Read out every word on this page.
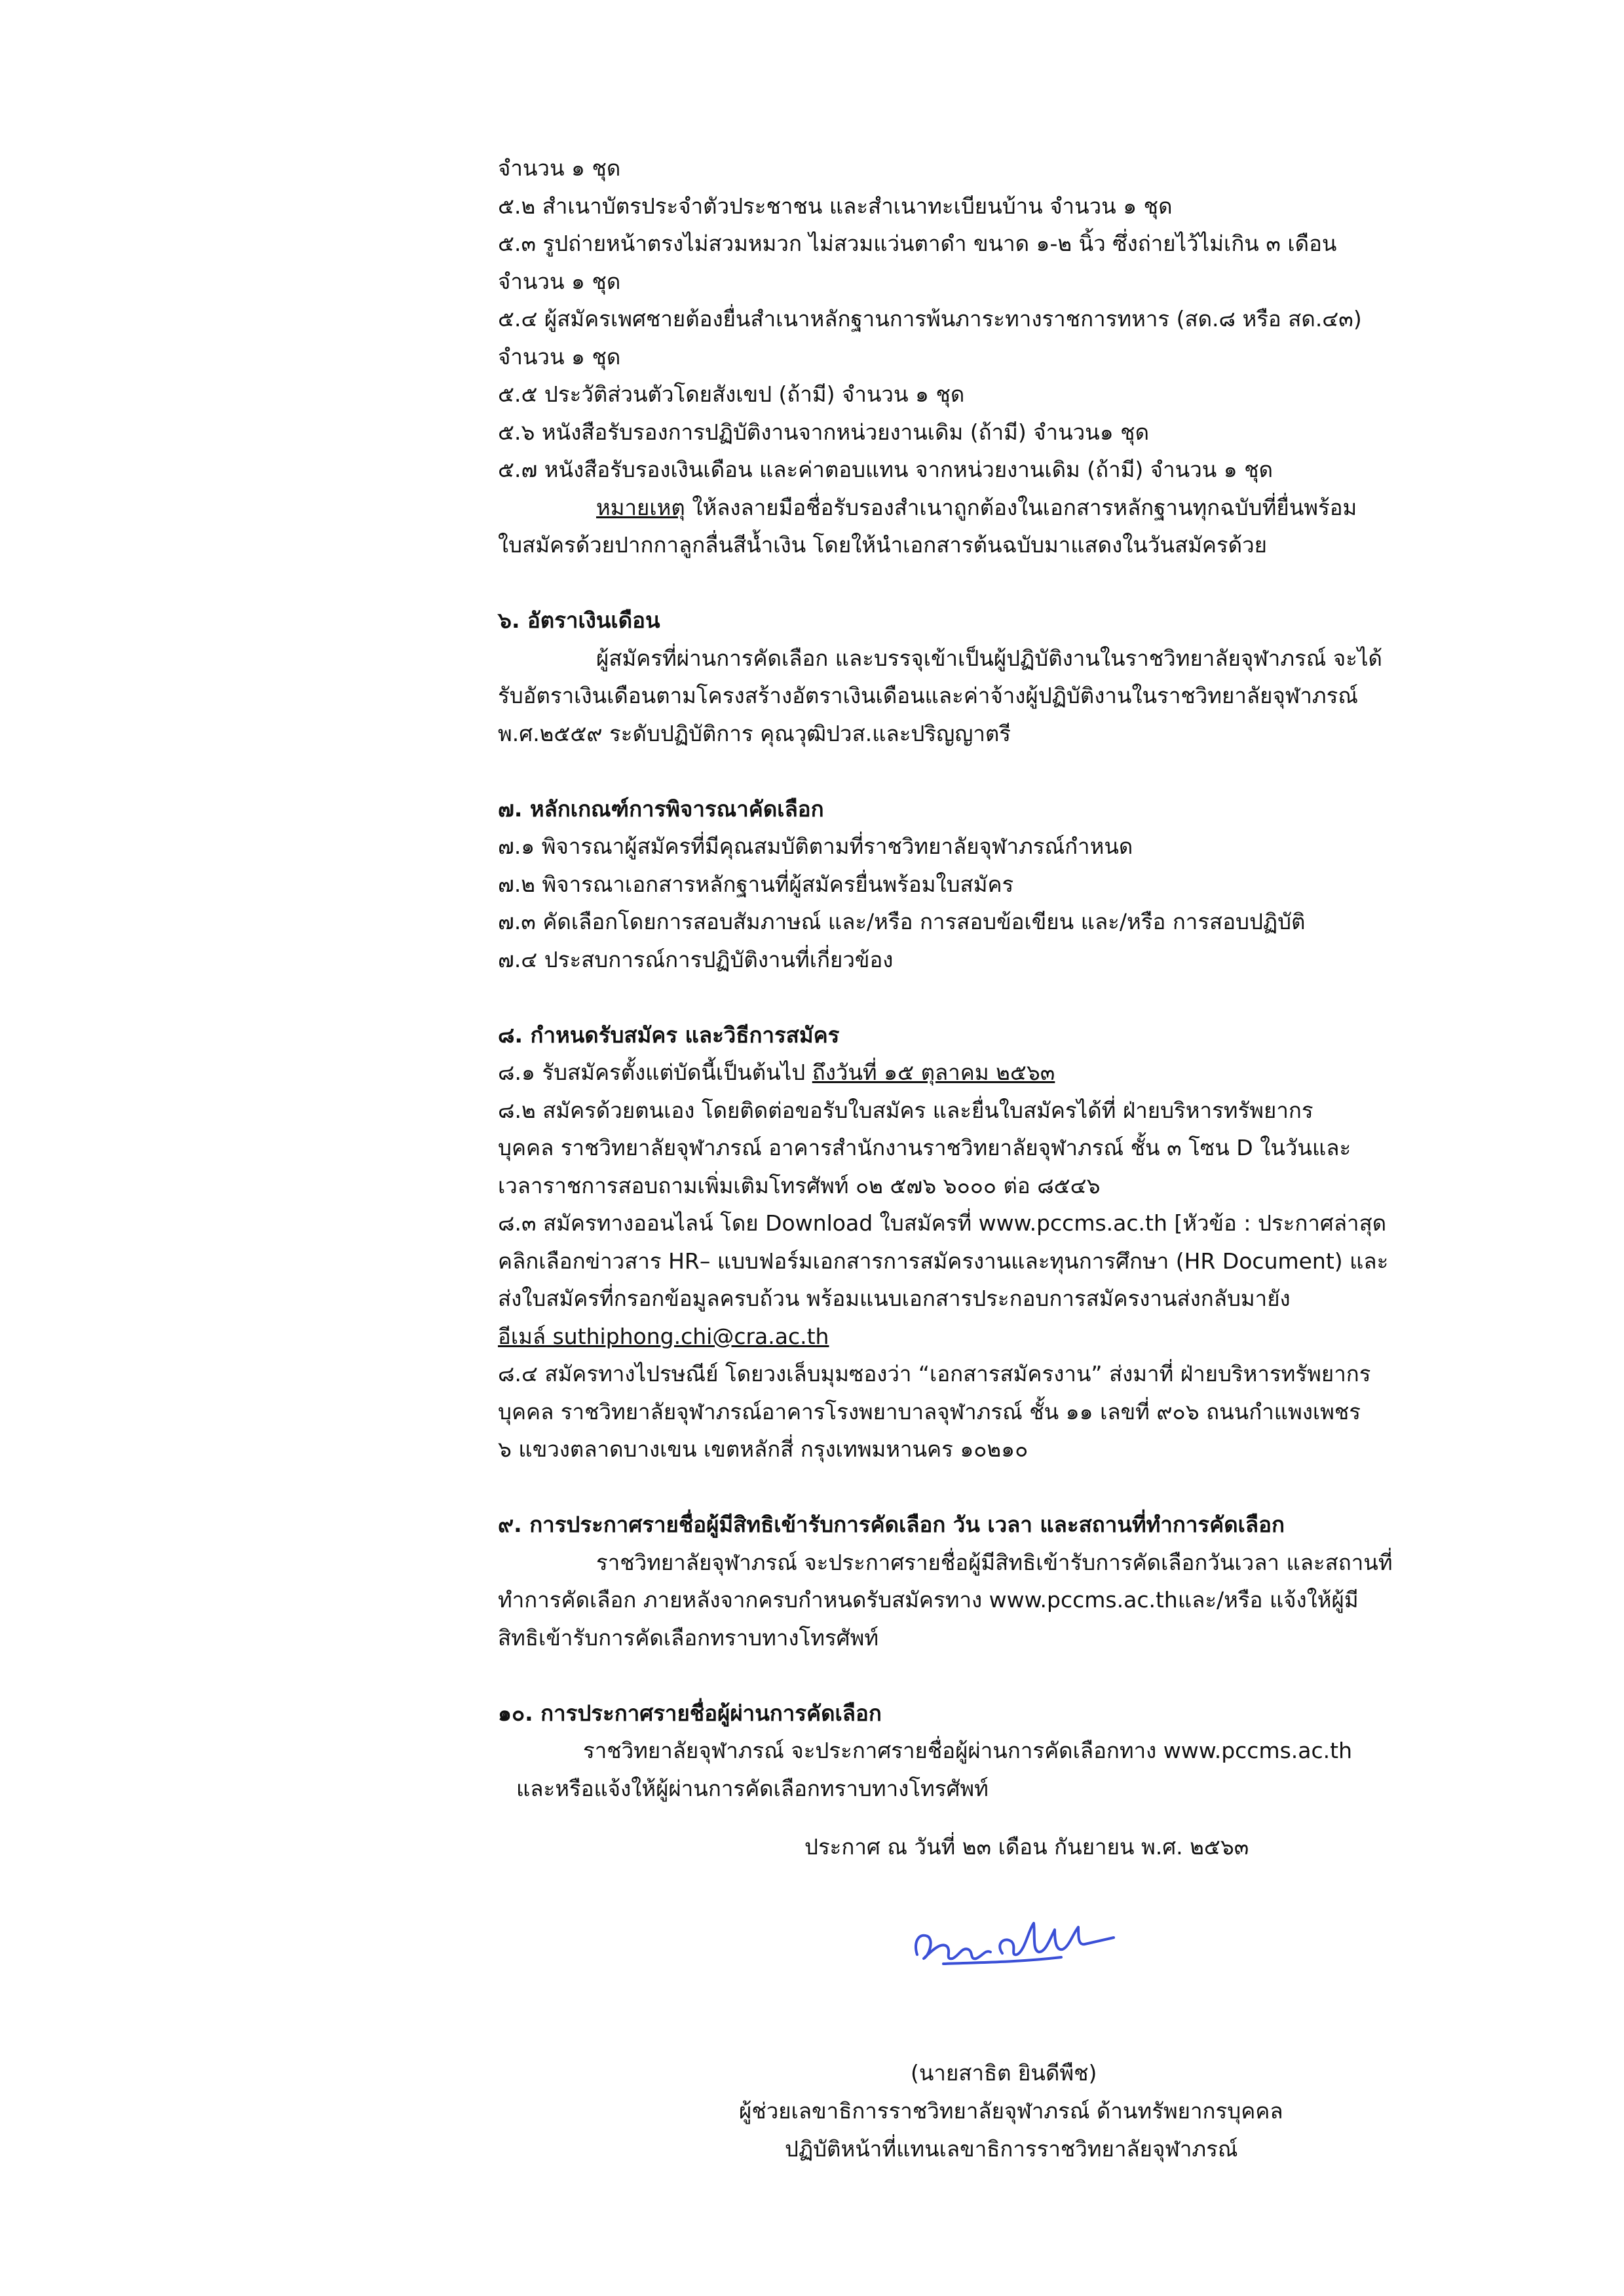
จำนวน ๑ ชุด
๕.๒ สำเนาบัตรประจำตัวประชาชน และสำเนาทะเบียนบ้าน จำนวน ๑ ชุด
๕.๓ รูปถ่ายหน้าตรงไม่สวมหมวก ไม่สวมแว่นตาดำ ขนาด ๑-๒ นิ้ว ซึ่งถ่ายไว้ไม่เกิน ๓ เดือน
จำนวน ๑ ชุด
๕.๔ ผู้สมัครเพศชายต้องยื่นสำเนาหลักฐานการพ้นภาระทางราชการทหาร (สด.๘ หรือ สด.๔๓)
จำนวน ๑ ชุด
๕.๕ ประวัติส่วนตัวโดยสังเขป (ถ้ามี) จำนวน ๑ ชุด
๕.๖ หนังสือรับรองการปฏิบัติงานจากหน่วยงานเดิม (ถ้ามี) จำนวน๑ ชุด
๕.๗ หนังสือรับรองเงินเดือน และค่าตอบแทน จากหน่วยงานเดิม (ถ้ามี) จำนวน ๑ ชุด
หมายเหตุ ให้ลงลายมือชื่อรับรองสำเนาถูกต้องในเอกสารหลักฐานทุกฉบับที่ยื่นพร้อม
ใบสมัครด้วยปากกาลูกลื่นสีน้ำเงิน โดยให้นำเอกสารต้นฉบับมาแสดงในวันสมัครด้วย
๖. อัตราเงินเดือน
ผู้สมัครที่ผ่านการคัดเลือก และบรรจุเข้าเป็นผู้ปฏิบัติงานในราชวิทยาลัยจุฬาภรณ์ จะได้
รับอัตราเงินเดือนตามโครงสร้างอัตราเงินเดือนและค่าจ้างผู้ปฏิบัติงานในราชวิทยาลัยจุฬาภรณ์
พ.ศ.๒๕๕๙ ระดับปฏิบัติการ คุณวุฒิปวส.และปริญญาตรี
๗. หลักเกณฑ์การพิจารณาคัดเลือก
๗.๑ พิจารณาผู้สมัครที่มีคุณสมบัติตามที่ราชวิทยาลัยจุฬาภรณ์กำหนด
๗.๒ พิจารณาเอกสารหลักฐานที่ผู้สมัครยื่นพร้อมใบสมัคร
๗.๓ คัดเลือกโดยการสอบสัมภาษณ์ และ/หรือ การสอบข้อเขียน และ/หรือ การสอบปฏิบัติ
๗.๔ ประสบการณ์การปฏิบัติงานที่เกี่ยวข้อง
๘. กำหนดรับสมัคร และวิธีการสมัคร
๘.๑ รับสมัครตั้งแต่บัดนี้เป็นต้นไป ถึงวันที่ ๑๕ ตุลาคม ๒๕๖๓
๘.๒ สมัครด้วยตนเอง โดยติดต่อขอรับใบสมัคร และยื่นใบสมัครได้ที่ ฝ่ายบริหารทรัพยากร
บุคคล ราชวิทยาลัยจุฬาภรณ์ อาคารสำนักงานราชวิทยาลัยจุฬาภรณ์ ชั้น ๓ โซน D ในวันและ
เวลาราชการสอบถามเพิ่มเติมโทรศัพท์ ๐๒ ๕๗๖ ๖๐๐๐ ต่อ ๘๕๔๖
๘.๓ สมัครทางออนไลน์ โดย Download ใบสมัครที่ www.pccms.ac.th [หัวข้อ : ประกาศล่าสุด
คลิกเลือกข่าวสาร HR– แบบฟอร์มเอกสารการสมัครงานและทุนการศึกษา (HR Document) และ
ส่งใบสมัครที่กรอกข้อมูลครบถ้วน พร้อมแนบเอกสารประกอบการสมัครงานส่งกลับมายัง
อีเมล์ suthiphong.chi@cra.ac.th
๘.๔ สมัครทางไปรษณีย์ โดยวงเล็บมุมซองว่า “เอกสารสมัครงาน” ส่งมาที่ ฝ่ายบริหารทรัพยากร
บุคคล ราชวิทยาลัยจุฬาภรณ์อาคารโรงพยาบาลจุฬาภรณ์ ชั้น ๑๑ เลขที่ ๙๐๖ ถนนกำแพงเพชร
๖ แขวงตลาดบางเขน เขตหลักสี่ กรุงเทพมหานคร ๑๐๒๑๐
๙. การประกาศรายชื่อผู้มีสิทธิเข้ารับการคัดเลือก วัน เวลา และสถานที่ทำการคัดเลือก
ราชวิทยาลัยจุฬาภรณ์ จะประกาศรายชื่อผู้มีสิทธิเข้ารับการคัดเลือกวันเวลา และสถานที่
ทำการคัดเลือก ภายหลังจากครบกำหนดรับสมัครทาง www.pccms.ac.thและ/หรือ แจ้งให้ผู้มี
สิทธิเข้ารับการคัดเลือกทราบทางโทรศัพท์
๑๐. การประกาศรายชื่อผู้ผ่านการคัดเลือก
ราชวิทยาลัยจุฬาภรณ์ จะประกาศรายชื่อผู้ผ่านการคัดเลือกทาง www.pccms.ac.th
และหรือแจ้งให้ผู้ผ่านการคัดเลือกทราบทางโทรศัพท์
ประกาศ ณ วันที่ ๒๓ เดือน กันยายน พ.ศ. ๒๕๖๓
(นายสาธิต ยินดีพืช)
ผู้ช่วยเลขาธิการราชวิทยาลัยจุฬาภรณ์ ด้านทรัพยากรบุคคล
ปฏิบัติหน้าที่แทนเลขาธิการราชวิทยาลัยจุฬาภรณ์
